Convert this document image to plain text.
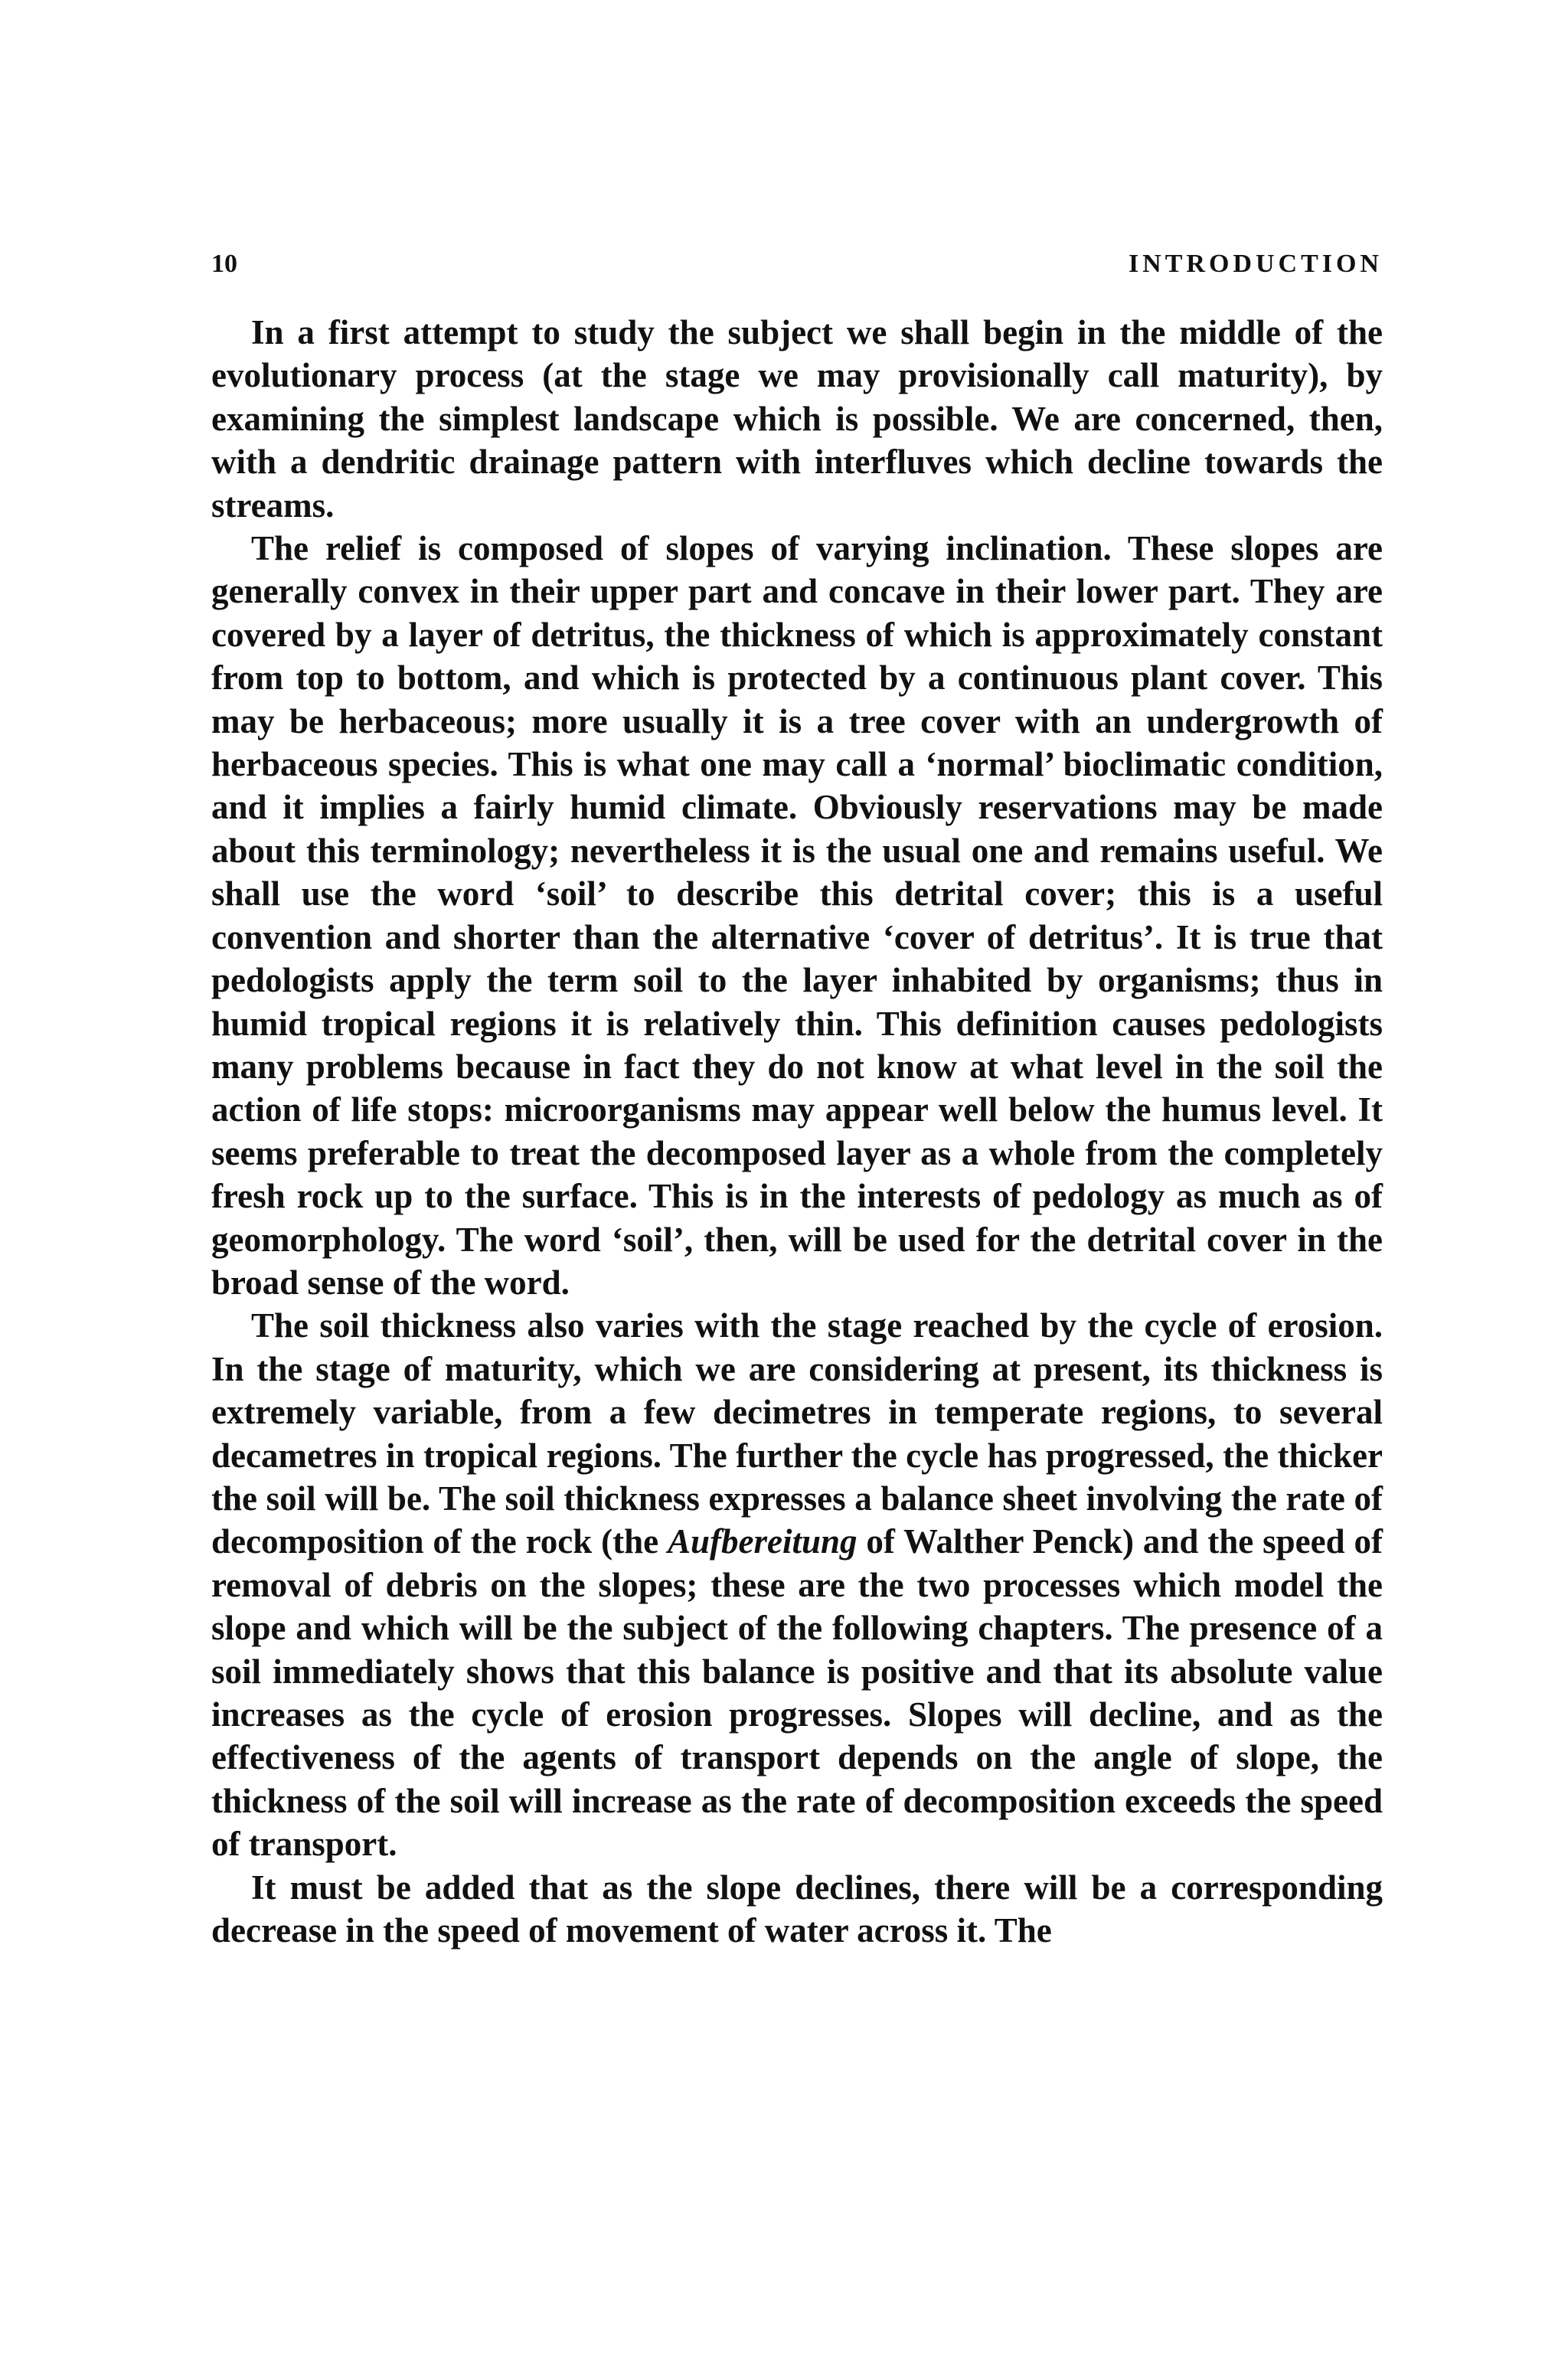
10	INTRODUCTION

In a first attempt to study the subject we shall begin in the middle of the evolutionary process (at the stage we may provisionally call maturity), by examining the simplest landscape which is possible. We are concerned, then, with a dendritic drainage pattern with interfluves which decline towards the streams.

The relief is composed of slopes of varying inclination. These slopes are generally convex in their upper part and concave in their lower part. They are covered by a layer of detritus, the thickness of which is approximately constant from top to bottom, and which is protected by a continuous plant cover. This may be herbaceous; more usually it is a tree cover with an undergrowth of herbaceous species. This is what one may call a ‘normal’ bioclimatic condition, and it implies a fairly humid climate. Obviously reservations may be made about this terminology; nevertheless it is the usual one and remains useful. We shall use the word ‘soil’ to describe this detrital cover; this is a useful convention and shorter than the alternative ‘cover of detritus’. It is true that pedologists apply the term soil to the layer inhabited by organisms; thus in humid tropical regions it is relatively thin. This definition causes pedologists many problems because in fact they do not know at what level in the soil the action of life stops: microorganisms may appear well below the humus level. It seems preferable to treat the decomposed layer as a whole from the completely fresh rock up to the surface. This is in the interests of pedology as much as of geomorphology. The word ‘soil’, then, will be used for the detrital cover in the broad sense of the word.

The soil thickness also varies with the stage reached by the cycle of erosion. In the stage of maturity, which we are considering at present, its thickness is extremely variable, from a few decimetres in temperate regions, to several decametres in tropical regions. The further the cycle has progressed, the thicker the soil will be. The soil thickness expresses a balance sheet involving the rate of decomposition of the rock (the Aufbereitung of Walther Penck) and the speed of removal of debris on the slopes; these are the two processes which model the slope and which will be the subject of the following chapters. The presence of a soil immediately shows that this balance is positive and that its absolute value increases as the cycle of erosion progresses. Slopes will decline, and as the effectiveness of the agents of transport depends on the angle of slope, the thickness of the soil will increase as the rate of decomposition exceeds the speed of transport.

It must be added that as the slope declines, there will be a corresponding decrease in the speed of movement of water across it. The
